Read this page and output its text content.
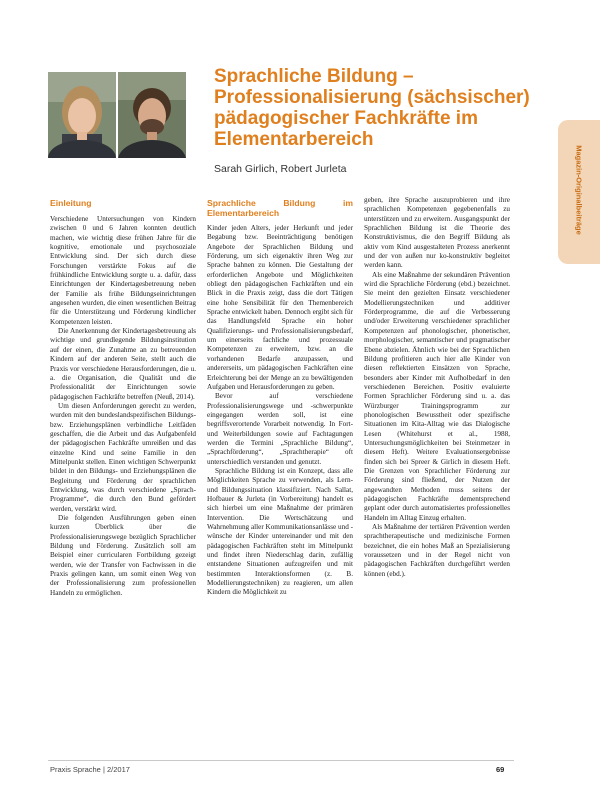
Sprachliche Bildung – Professionalisierung (sächsischer) pädagogischer Fachkräfte im Elementarbereich
Sarah Girlich, Robert Jurleta	Magazin-Originalbeiträge
Einleitung

Verschiedene Untersuchungen von Kindern zwischen 0 und 6 Jahren konnten deutlich machen, wie wichtig diese frühen Jahre für die kognitive, emotionale und psychosoziale Entwicklung sind. Der sich durch diese Forschungen verstärkte Fokus auf die frühkindliche Entwicklung sorgte u. a. dafür, dass Einrichtungen der Kindertagesbetreuung neben der Familie als frühe Bildungseinrichtungen angesehen wurden, die einen wesentlichen Beitrag für die Unterstützung und Förderung kindlicher Kompetenzen leisten.

Die Anerkennung der Kindertagesbetreuung als wichtige und grundlegende Bildungsinstitution auf der einen, die Zunahme an zu betreuenden Kindern auf der anderen Seite, stellt auch die Praxis vor verschiedene Herausforderungen, die u. a. die Organisation, die Qualität und die Professionalität der Einrichtungen sowie pädagogischen Fachkräfte betreffen (Neuß, 2014).

Um diesen Anforderungen gerecht zu werden, wurden mit den bundeslandspezifischen Bildungs- bzw. Erziehungsplänen verbindliche Leitfäden geschaffen, die die Arbeit und das Aufgabenfeld der pädagogischen Fachkräfte umreißen und das einzelne Kind und seine Familie in den Mittelpunkt stellen. Einen wichtigen Schwerpunkt bildet in den Bildungs- und Erziehungsplänen die Begleitung und Förderung der sprachlichen Entwicklung, was durch verschiedene „Sprach-Programme“, die durch den Bund gefördert werden, verstärkt wird.

Die folgenden Ausführungen geben einen kurzen Überblick über die Professionalisierungswege bezüglich Sprachlicher Bildung und Förderung. Zusätzlich soll am Beispiel einer curricularen Fortbildung gezeigt werden, wie der Transfer von Fachwissen in die Praxis gelingen kann, um somit einen Weg von der Professionalisierung zum professionellen Handeln zu ermöglichen.

Sprachliche Bildung im Elementarbereich

Kinder jeden Alters, jeder Herkunft und jeder Begabung bzw. Beeinträchtigung benötigen Angebote der Sprachlichen Bildung und Förderung, um sich eigenaktiv ihren Weg zur Sprache bahnen zu können. Die Gestaltung der erforderlichen Angebote und Möglichkeiten obliegt den pädagogischen Fachkräften und ein Blick in die Praxis zeigt, dass die dort Tätigen eine hohe Sensibilität für den Themenbereich Sprache entwickelt haben. Dennoch ergibt sich für das Handlungsfeld Sprache ein hoher Qualifizierungs- und Professionalisierungsbedarf, um einerseits fachliche und prozessuale Kompetenzen zu erweitern, bzw. an die vorhandenen Bedarfe anzupassen, und andererseits, um pädagogischen Fachkräften eine Erleichterung bei der Menge an zu bewältigenden Aufgaben und Herausforderungen zu geben.

Bevor auf verschiedene Professionalisierungswege und -schwerpunkte eingegangen werden soll, ist eine begriffsverortende Vorarbeit notwendig. In Fort- und Weiterbildungen sowie auf Fachtagungen werden die Termini „Sprachliche Bildung“, „Sprachförderung“, „Sprachtherapie“ oft unterschiedlich verstanden und genutzt.

Sprachliche Bildung ist ein Konzept, dass alle Möglichkeiten Sprache zu verwenden, als Lern- und Bildungssituation klassifiziert. Nach Sallat, Hofbauer & Jurleta (in Vorbereitung) handelt es sich hierbei um eine Maßnahme der primären Intervention. Die Wertschätzung und Wahrnehmung aller Kommunikationsanlässe und -wünsche der Kinder untereinander und mit den pädagogischen Fachkräften steht im Mittelpunkt und findet ihren Niederschlag darin, zufällig entstandene Situationen aufzugreifen und mit bestimmten Interaktionsformen (z. B. Modellierungstechniken) zu reagieren, um allen Kindern die Möglichkeit zu

geben, ihre Sprache auszuprobieren und ihre sprachlichen Kompetenzen gegebenenfalls zu unterstützen und zu erweitern. Ausgangspunkt der Sprachlichen Bildung ist die Theorie des Konstruktivismus, die den Begriff Bildung als aktiv vom Kind ausgestalteten Prozess anerkennt und der von außen nur ko-konstruktiv begleitet werden kann.

Als eine Maßnahme der sekundären Prävention wird die Sprachliche Förderung (ebd.) bezeichnet. Sie meint den gezielten Einsatz verschiedener Modellierungstechniken und additiver Förderprogramme, die auf die Verbesserung und/oder Erweiterung verschiedener sprachlicher Kompetenzen auf phonologischer, phonetischer, morphologischer, semantischer und pragmatischer Ebene abzielen. Ähnlich wie bei der Sprachlichen Bildung profitieren auch hier alle Kinder von diesen reflektierten Einsätzen von Sprache, besonders aber Kinder mit Aufholbedarf in den verschiedenen Bereichen. Positiv evaluierte Formen Sprachlicher Förderung sind u. a. das Würzburger Trainingsprogramm zur phonologischen Bewusstheit oder spezifische Situationen im Kita-Alltag wie das Dialogische Lesen (Whitehurst et al., 1988, Untersuchungsmöglichkeiten bei Steinmetzer in diesem Heft). Weitere Evaluationsergebnisse finden sich bei Spreer & Girlich in diesem Heft. Die Grenzen von Sprachlicher Förderung zur Förderung sind fließend, der Nutzen der angewandten Methoden muss seitens der pädagogischen Fachkräfte dementsprechend geplant oder durch automatisiertes professionelles Handeln im Alltag Einzug erhalten.

Als Maßnahme der tertiären Prävention werden sprachtherapeutische und medizinische Formen bezeichnet, die ein hohes Maß an Spezialisierung voraussetzen und in der Regel nicht von pädagogischen Fachkräften durchgeführt werden können (ebd.).

Praxis Sprache | 2/2017	69
